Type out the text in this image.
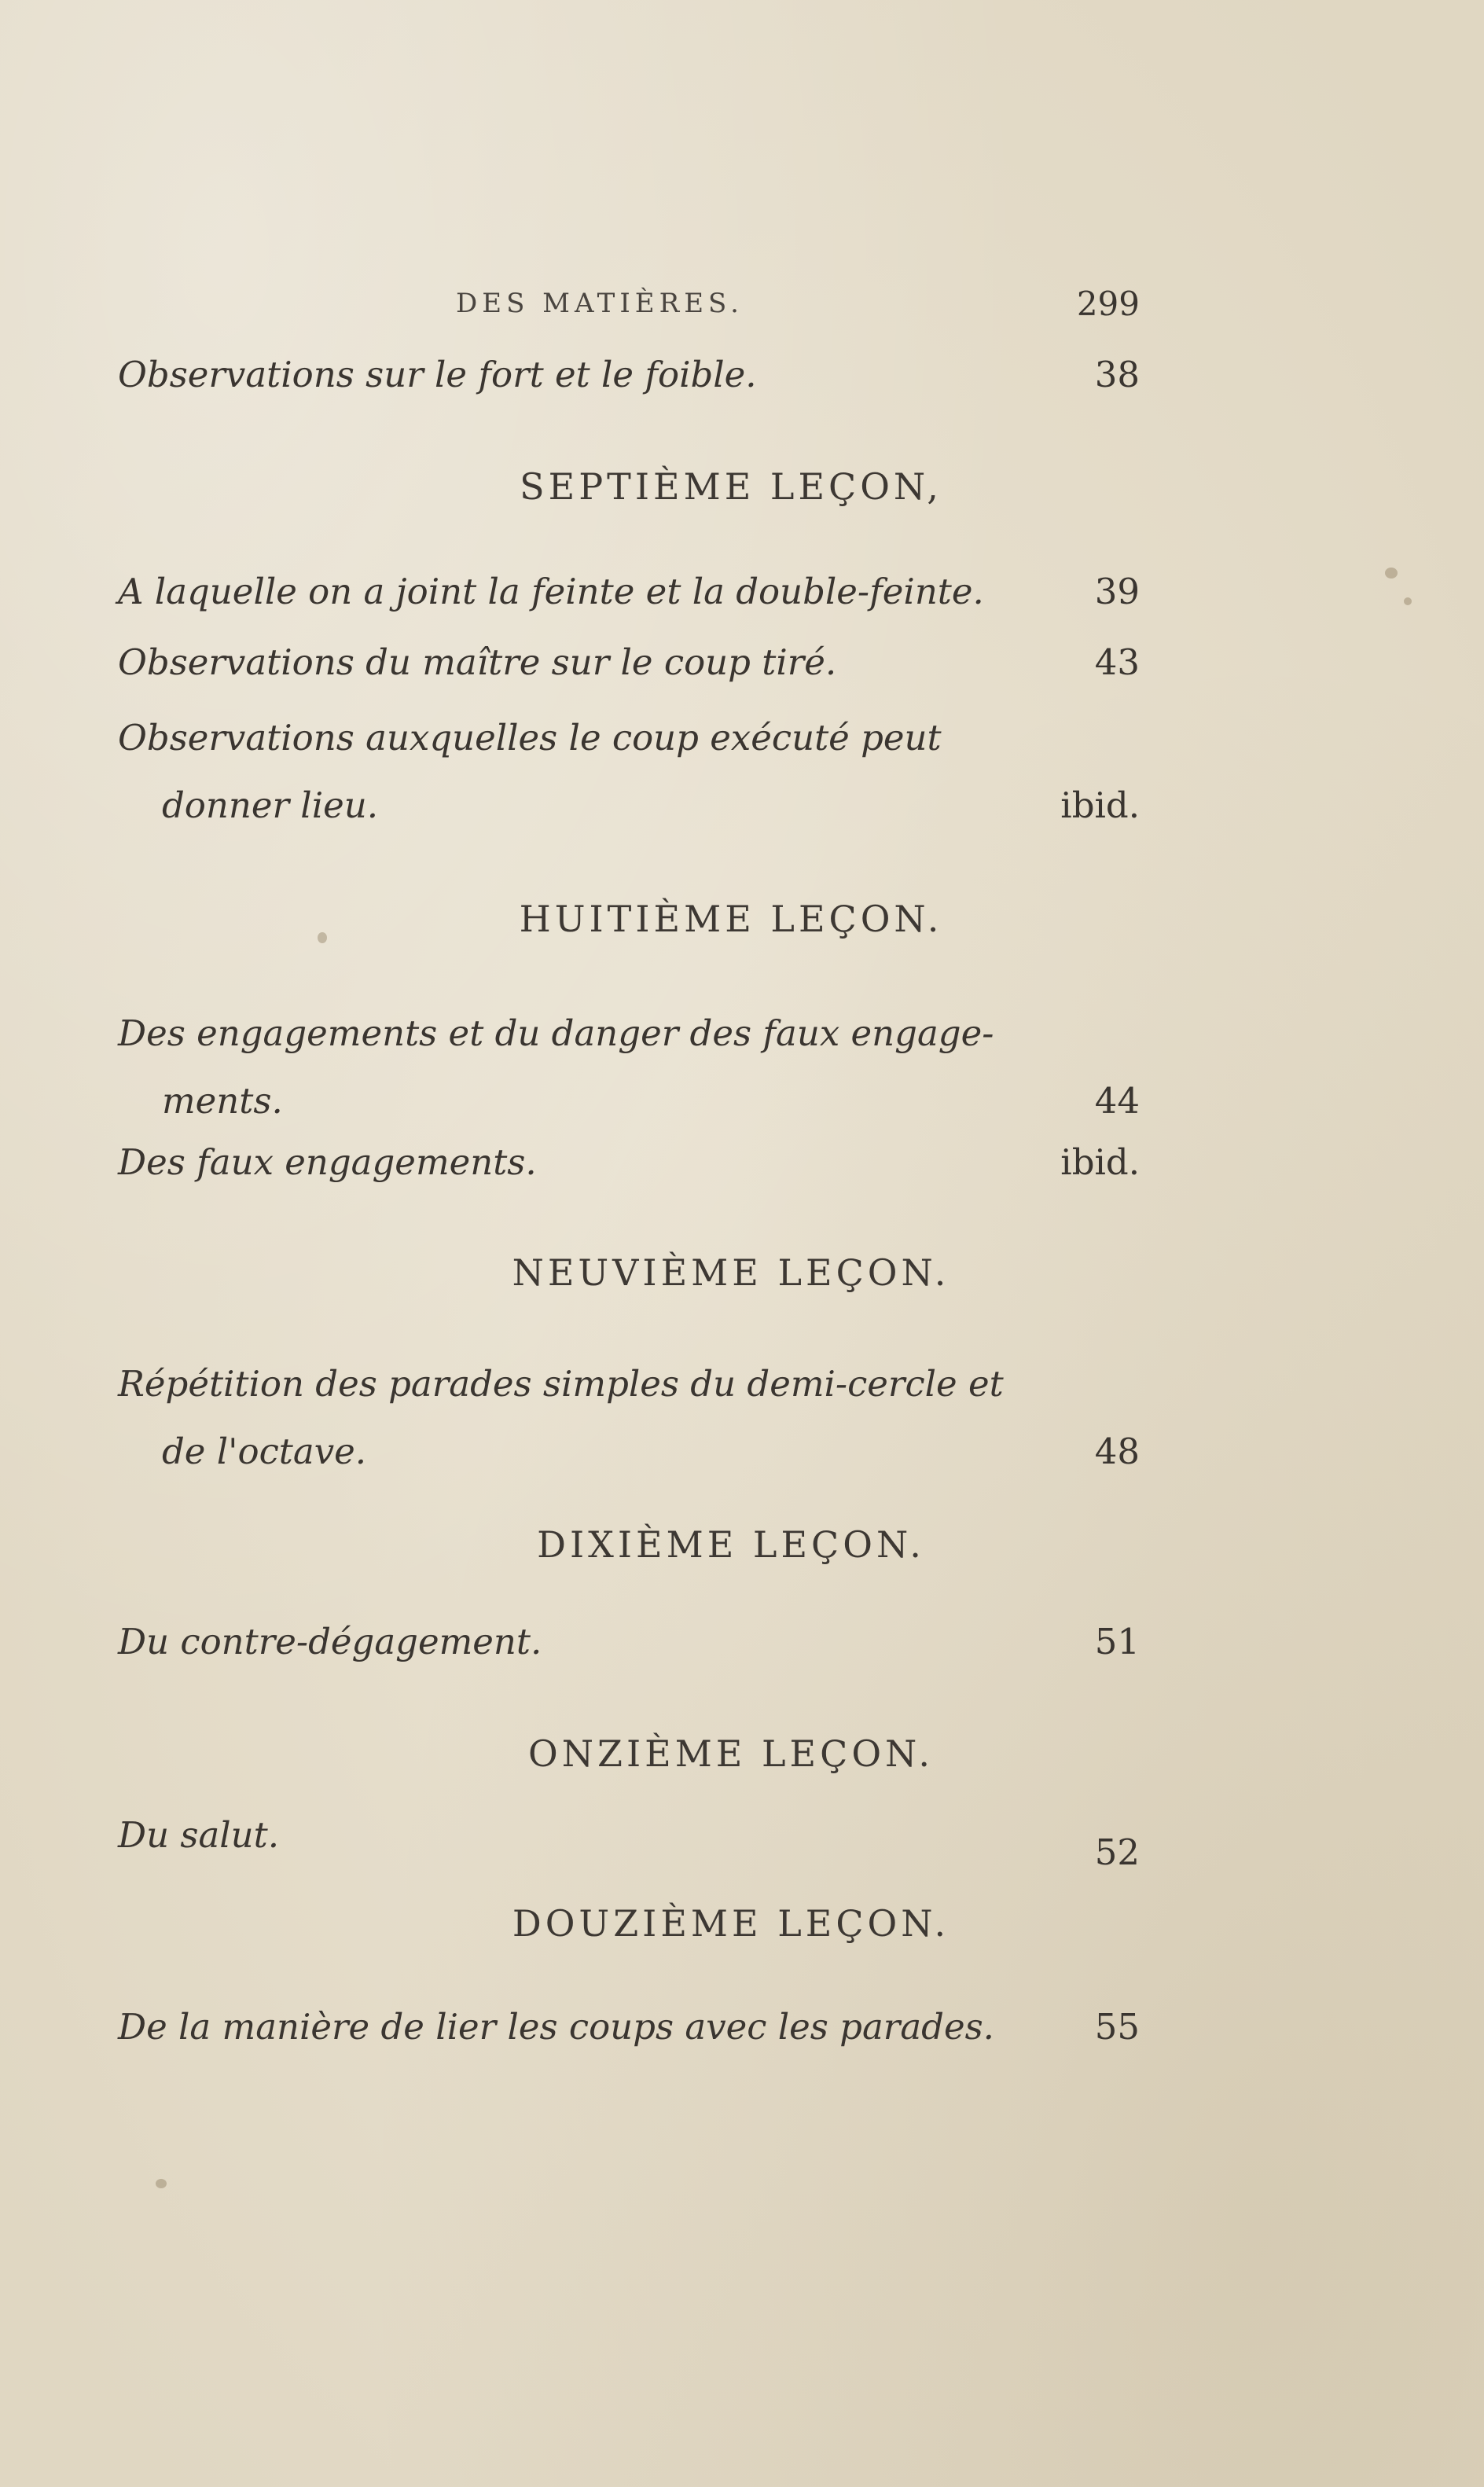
DES MATIÈRES.	299
Observations sur le fort et le foible.	38
SEPTIÈME LEÇON,
A laquelle on a joint la feinte et la double-feinte.	39
Observations du maître sur le coup tiré.	43
Observations auxquelles le coup exécuté peut
donner lieu.	ibid.
HUITIÈME LEÇON.
Des engagements et du danger des faux engage-
ments.	44
Des faux engagements.	ibid.
NEUVIÈME LEÇON.
Répétition des parades simples du demi-cercle et
de l'octave.	48
DIXIÈME LEÇON.
Du contre-dégagement.	51
ONZIÈME LEÇON.
Du salut.	52
DOUZIÈME LEÇON.
De la manière de lier les coups avec les parades.	55
